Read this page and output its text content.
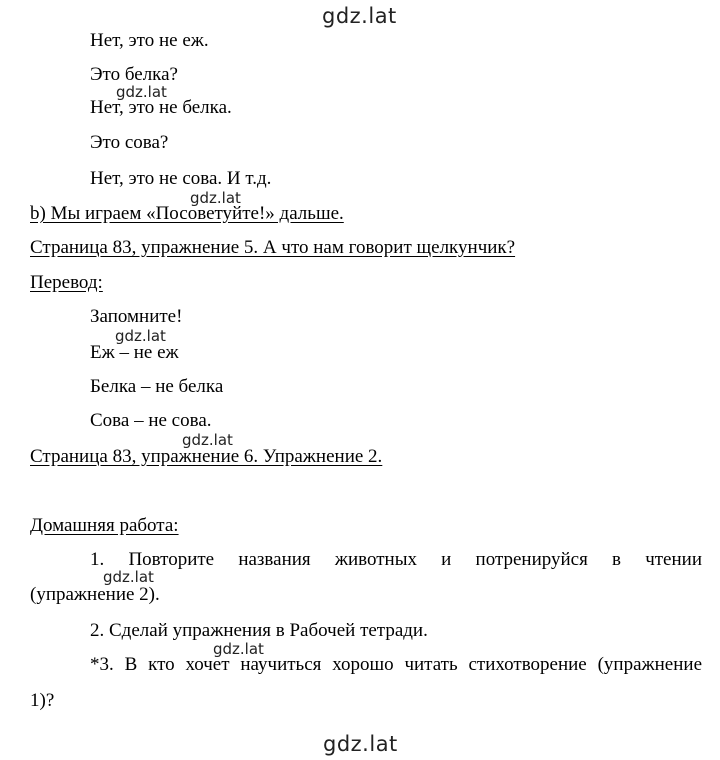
gdz.lat
Нет, это не еж.
Это белка?
gdz.lat
Нет, это не белка.
Это сова?
Нет, это не сова. И т.д.
gdz.lat
b) Мы играем «Посоветуйте!» дальше.
Страница 83, упражнение 5. А что нам говорит щелкунчик?
Перевод:
Запомните!
gdz.lat
Еж – не еж
Белка – не белка
Сова – не сова.
gdz.lat
Страница 83, упражнение 6. Упражнение 2.
Домашняя работа:
1. Повторите названия животных и потренируйся в чтении
gdz.lat
(упражнение 2).
2. Сделай упражнения в Рабочей тетради.
gdz.lat
*3. В кто хочет научиться хорошо читать стихотворение (упражнение
1)?
gdz.lat
